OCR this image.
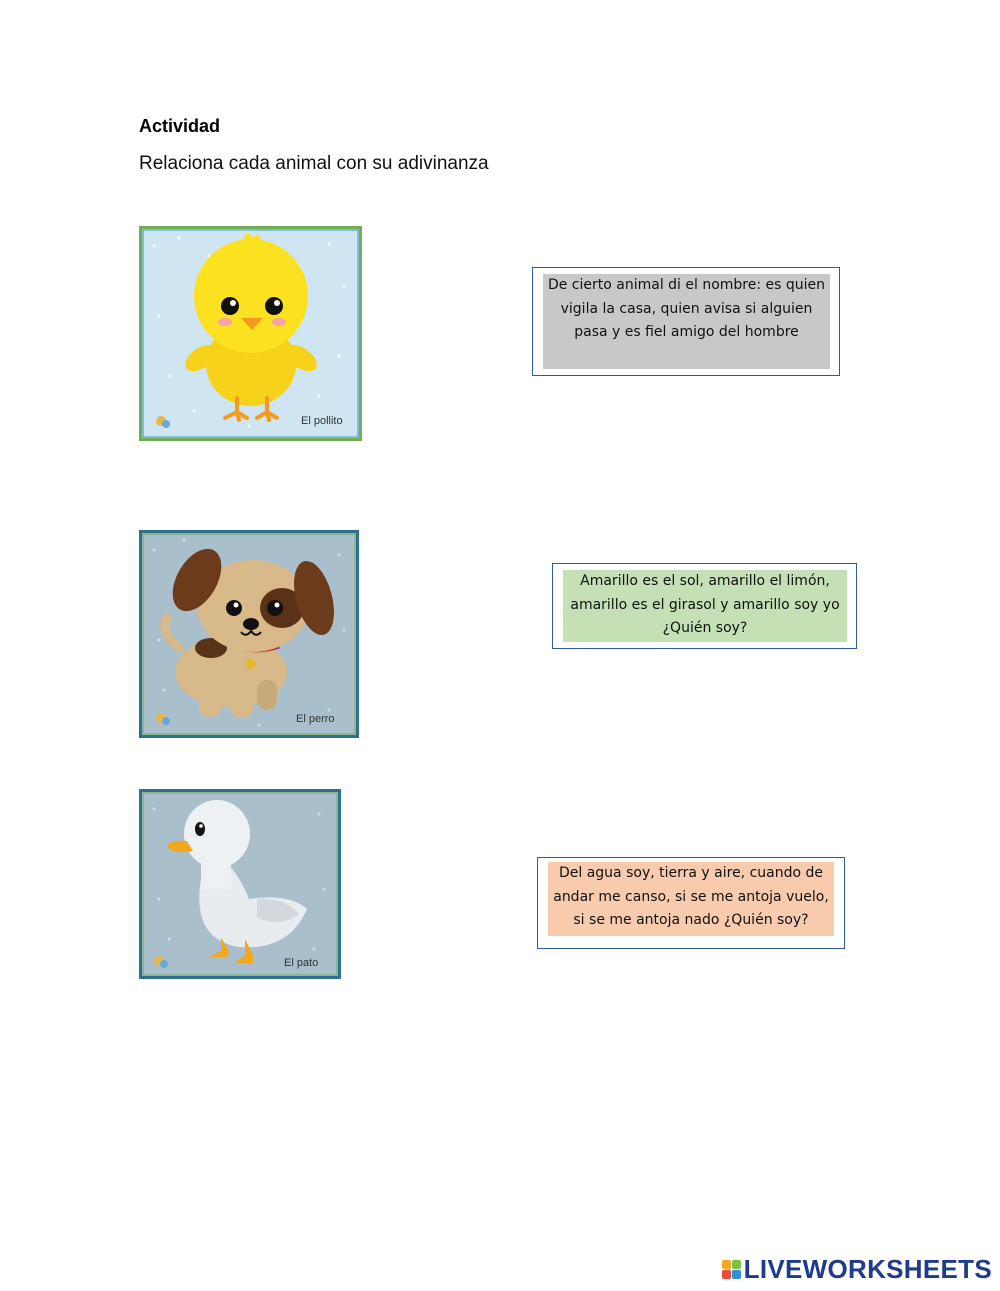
Actividad
Relaciona cada animal con su adivinanza
El pollito
El perro
El pato
De cierto animal di el nombre: es quien vigila la casa, quien avisa si alguien pasa y es fiel amigo del hombre
Amarillo es el sol, amarillo el limón, amarillo es el girasol y amarillo soy yo ¿Quién soy?
Del agua soy, tierra y aire, cuando de andar me canso, si se me antoja vuelo, si se me antoja nado ¿Quién soy?
LIVEWORKSHEETS
